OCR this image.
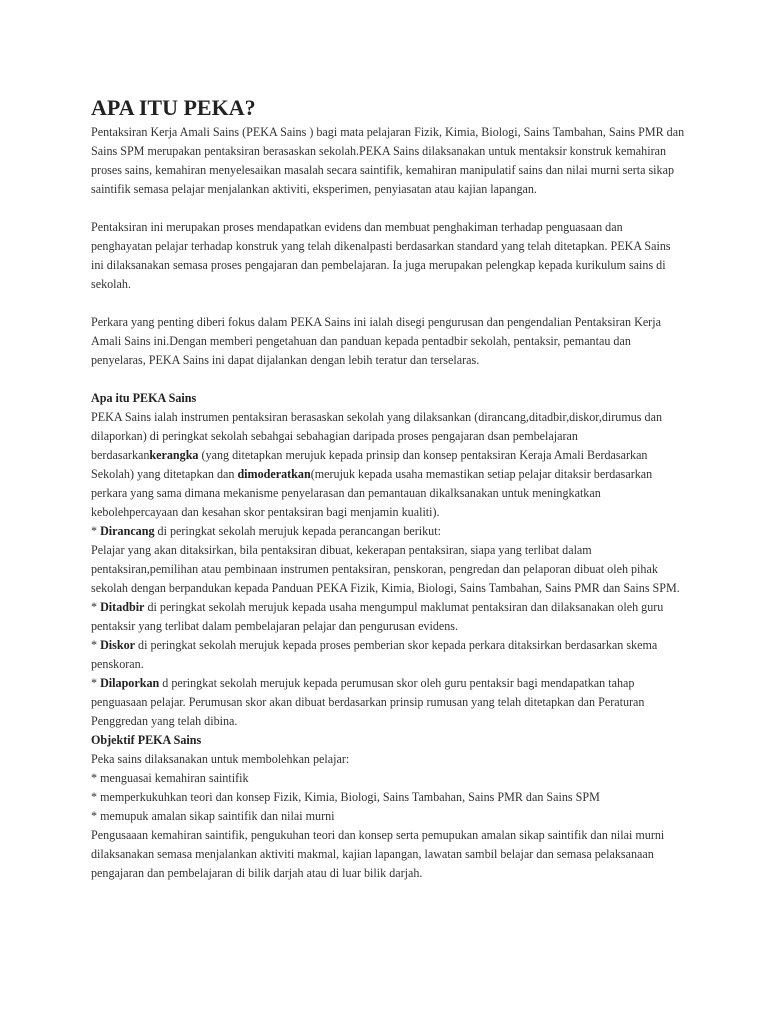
APA ITU PEKA?

Pentaksiran Kerja Amali Sains (PEKA Sains ) bagi mata pelajaran Fizik, Kimia, Biologi, Sains Tambahan, Sains PMR dan Sains SPM merupakan pentaksiran berasaskan sekolah.PEKA Sains dilaksanakan untuk mentaksir konstruk kemahiran proses sains, kemahiran menyelesaikan masalah secara saintifik, kemahiran manipulatif sains dan nilai murni serta sikap saintifik semasa pelajar menjalankan aktiviti, eksperimen, penyiasatan atau kajian lapangan.

Pentaksiran ini merupakan proses mendapatkan evidens dan membuat penghakiman terhadap penguasaan dan penghayatan pelajar terhadap konstruk yang telah dikenalpasti berdasarkan standard yang telah ditetapkan. PEKA Sains ini dilaksanakan semasa proses pengajaran dan pembelajaran. Ia juga merupakan pelengkap kepada kurikulum sains di sekolah.

Perkara yang penting diberi fokus dalam PEKA Sains ini ialah disegi pengurusan dan pengendalian Pentaksiran Kerja Amali Sains ini.Dengan memberi pengetahuan dan panduan kepada pentadbir sekolah, pentaksir, pemantau dan penyelaras, PEKA Sains ini dapat dijalankan dengan lebih teratur dan terselaras.

Apa itu PEKA Sains

PEKA Sains ialah instrumen pentaksiran berasaskan sekolah yang dilaksankan (dirancang,ditadbir,diskor,dirumus dan dilaporkan) di peringkat sekolah sebahgai sebahagian daripada proses pengajaran dsan pembelajaran berdasarkankerangka (yang ditetapkan merujuk kepada prinsip dan konsep pentaksiran Keraja Amali Berdasarkan Sekolah) yang ditetapkan dan dimoderatkan(merujuk kepada usaha memastikan setiap pelajar ditaksir berdasarkan perkara yang sama dimana mekanisme penyelarasan dan pemantauan dikalksanakan untuk meningkatkan kebolehpercayaan dan kesahan skor pentaksiran bagi menjamin kualiti).

* Dirancang di peringkat sekolah merujuk kepada perancangan berikut:

Pelajar yang akan ditaksirkan, bila pentaksiran dibuat, kekerapan pentaksiran, siapa yang terlibat dalam pentaksiran,pemilihan atau pembinaan instrumen pentaksiran, penskoran, pengredan dan pelaporan dibuat oleh pihak sekolah dengan berpandukan kepada Panduan PEKA Fizik, Kimia, Biologi, Sains Tambahan, Sains PMR dan Sains SPM.

* Ditadbir di peringkat sekolah merujuk kepada usaha mengumpul maklumat pentaksiran dan dilaksanakan oleh guru pentaksir yang terlibat dalam pembelajaran pelajar dan pengurusan evidens.

* Diskor di peringkat sekolah merujuk kepada proses pemberian skor kepada perkara ditaksirkan berdasarkan skema penskoran.

* Dilaporkan d peringkat sekolah merujuk kepada perumusan skor oleh guru pentaksir bagi mendapatkan tahap penguasaan pelajar. Perumusan skor akan dibuat berdasarkan prinsip rumusan yang telah ditetapkan dan Peraturan Penggredan yang telah dibina.

Objektif PEKA Sains

Peka sains dilaksanakan untuk membolehkan pelajar:

* menguasai kemahiran saintifik

* memperkukuhkan teori dan konsep Fizik, Kimia, Biologi, Sains Tambahan, Sains PMR dan Sains SPM

* memupuk amalan sikap saintifik dan nilai murni

Pengusaaan kemahiran saintifik, pengukuhan teori dan konsep serta pemupukan amalan sikap saintifik dan nilai murni dilaksanakan semasa menjalankan aktiviti makmal, kajian lapangan, lawatan sambil belajar dan semasa pelaksanaan pengajaran dan pembelajaran di bilik darjah atau di luar bilik darjah.
